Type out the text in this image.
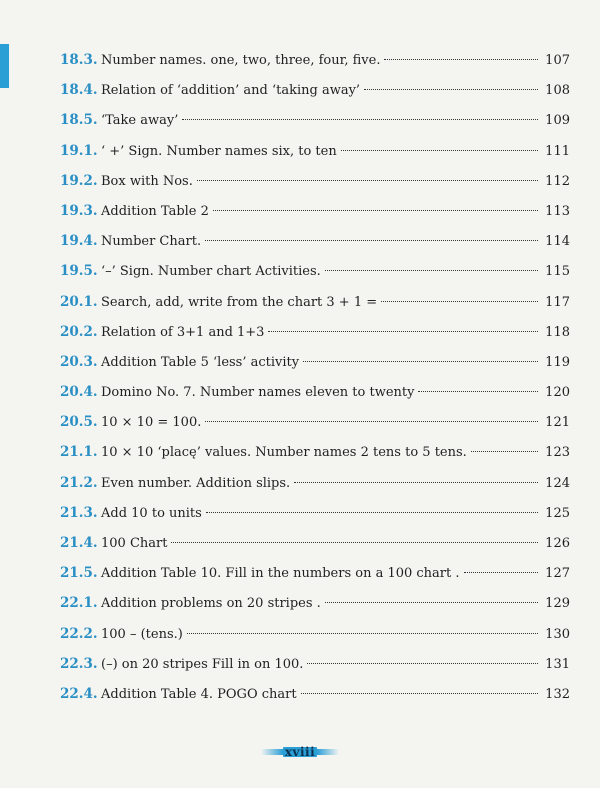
18.3. Number names. one, two, three, four, five.	107
18.4. Relation of ‘addition’ and ‘taking away’	108
18.5. ‘Take away’	109
19.1. ‘ +’ Sign. Number names six, to ten	111
19.2. Box with Nos.	112
19.3. Addition Table 2	113
19.4. Number Chart.	114
19.5. ‘–’ Sign. Number chart Activities.	115
20.1. Search, add, write from the chart 3 + 1 =	117
20.2. Relation of 3+1 and 1+3	118
20.3. Addition Table 5 ‘less’ activity	119
20.4. Domino No. 7. Number names eleven to twenty	120
20.5. 10 × 10 = 100.	121
21.1. 10 × 10 ‘placę’ values. Number names 2 tens to 5 tens.	123
21.2. Even number. Addition slips.	124
21.3. Add 10 to units	125
21.4. 100 Chart	126
21.5. Addition Table 10. Fill in the numbers on a 100 chart .	127
22.1. Addition problems on 20 stripes .	129
22.2. 100 – (tens.)	130
22.3. (–) on 20 stripes Fill in on 100.	131
22.4. Addition Table 4. POGO chart	132
xviii
